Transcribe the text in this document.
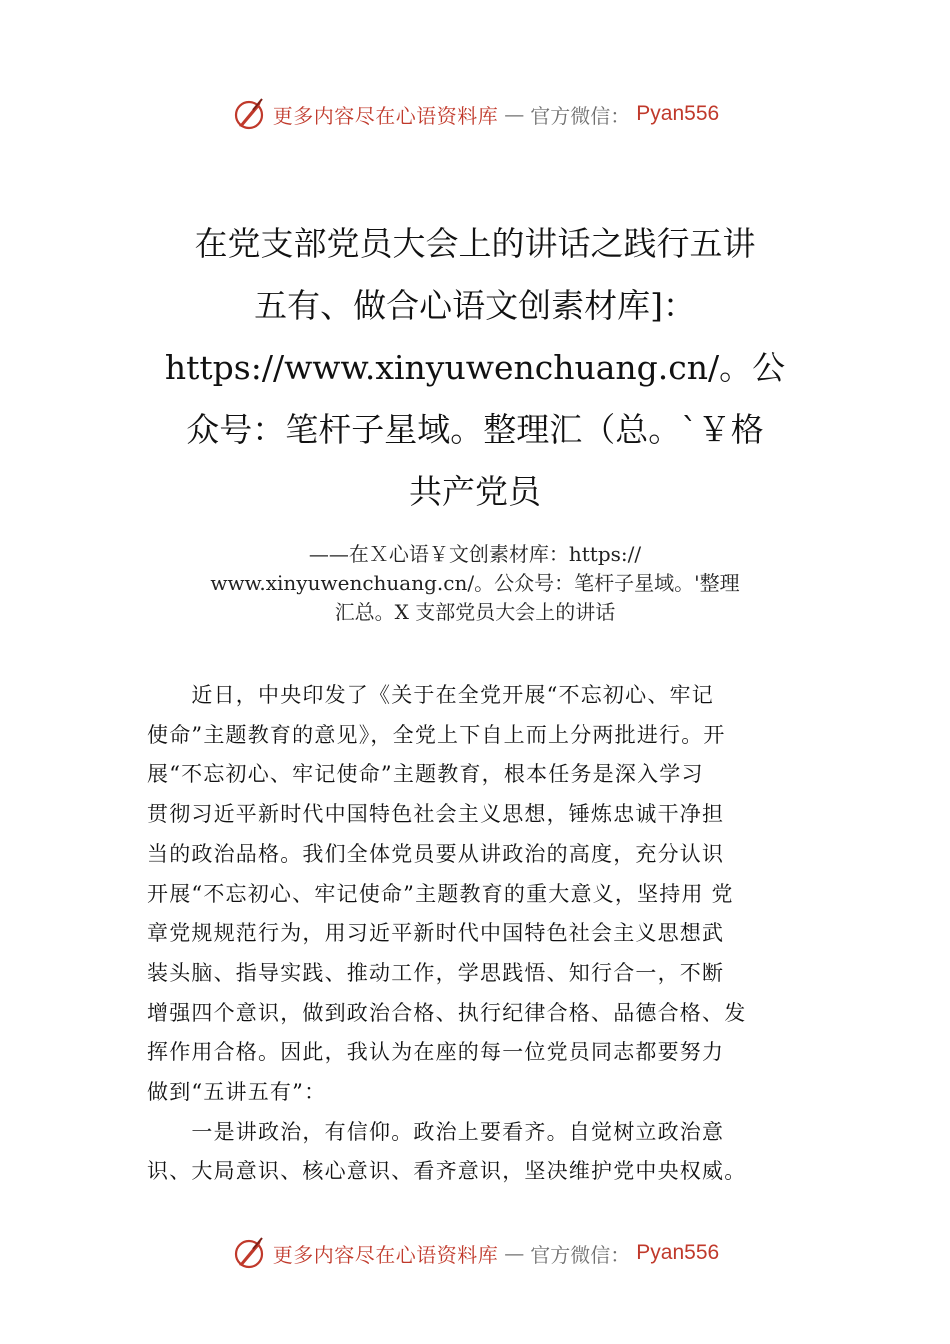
更多内容尽在心语资料库 — 官方微信： Pyan556
在党支部党员大会上的讲话之践行五讲
五有、做合心语文创素材库]：
https://www.xinyuwenchuang.cn/。公
众号：笔杆子星域。整理汇（总。`￥格
共产党员
——在Ｘ心语￥文创素材库：https://
www.xinyuwenchuang.cn/。公众号：笔杆子星域。'整理
汇总。X 支部党员大会上的讲话
　　近日，中央印发了《关于在全党开展“不忘初心、牢记
使命”主题教育的意见》，全党上下自上而上分两批进行。开
展“不忘初心、牢记使命”主题教育，根本任务是深入学习
贯彻习近平新时代中国特色社会主义思想，锤炼忠诚干净担
当的政治品格。我们全体党员要从讲政治的高度，充分认识
开展“不忘初心、牢记使命”主题教育的重大意义，坚持用 党
章党规规范行为，用习近平新时代中国特色社会主义思想武
装头脑、指导实践、推动工作，学思践悟、知行合一，不断
增强四个意识，做到政治合格、执行纪律合格、品德合格、发
挥作用合格。因此，我认为在座的每一位党员同志都要努力
做到“五讲五有”：
　　一是讲政治，有信仰。政治上要看齐。自觉树立政治意
识、大局意识、核心意识、看齐意识，坚决维护党中央权威。
更多内容尽在心语资料库 — 官方微信： Pyan556
